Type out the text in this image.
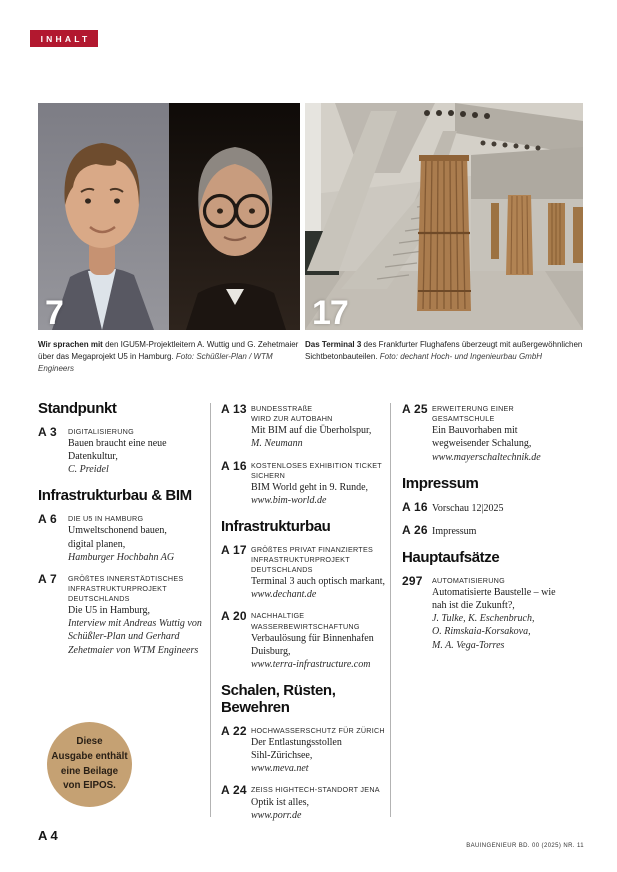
INHALT
7	17
Wir sprachen mit den IGU5M-Projektleitern A. Wuttig und G. Zehetmaier über das Megaprojekt U5 in Hamburg. Foto: Schüßler-Plan / WTM Engineers
Das Terminal 3 des Frankfurter Flughafens überzeugt mit außergewöhnlichen Sichtbetonbauteilen. Foto: dechant Hoch- und Ingenieurbau GmbH
Standpunkt
A 3	DIGITALISIERUNG
Bauen braucht eine neue
Datenkultur,
C. Preidel
Infrastrukturbau & BIM
A 6	DIE U5 IN HAMBURG
Umweltschonend bauen,
digital planen,
Hamburger Hochbahn AG
A 7	GRÖßTES INNERSTÄDTISCHES
INFRASTRUKTURPROJEKT
DEUTSCHLANDS
Die U5 in Hamburg,
Interview mit Andreas Wuttig von
Schüßler-Plan und Gerhard
Zehetmaier von WTM Engineers
A 13 BUNDESSTRAßE
WIRD ZUR AUTOBAHN
Mit BIM auf die Überholspur,
M. Neumann
A 16 KOSTENLOSES EXHIBITION TICKET
SICHERN
BIM World geht in 9. Runde,
www.bim-world.de
Infrastrukturbau
A 17 GRÖßTES PRIVAT FINANZIERTES
INFRASTRUKTURPROJEKT
DEUTSCHLANDS
Terminal 3 auch optisch markant,
www.dechant.de
A 20 NACHHALTIGE
WASSERBEWIRTSCHAFTUNG
Verbaulösung für Binnenhafen
Duisburg,
www.terra-infrastructure.com
Schalen, Rüsten,
Bewehren
A 22 HOCHWASSERSCHUTZ FÜR ZÜRICH
Der Entlastungsstollen
Sihl-Zürichsee,
www.meva.net
A 24 ZEISS HIGHTECH-STANDORT JENA
Optik ist alles,
www.porr.de
A 25 ERWEITERUNG EINER
GESAMTSCHULE
Ein Bauvorhaben mit
wegweisender Schalung,
www.mayerschaltechnik.de
Impressum
A 16 Vorschau 12|2025
A 26 Impressum
Hauptaufsätze
297	AUTOMATISIERUNG
Automatisierte Baustelle – wie
nah ist die Zukunft?,
J. Tulke, K. Eschenbruch,
O. Rimskaia-Korsakova,
M. A. Vega-Torres
Diese
Ausgabe enthält
eine Beilage
von EIPOS.
A 4
BAUINGENIEUR BD. 00 (2025) NR. 11
